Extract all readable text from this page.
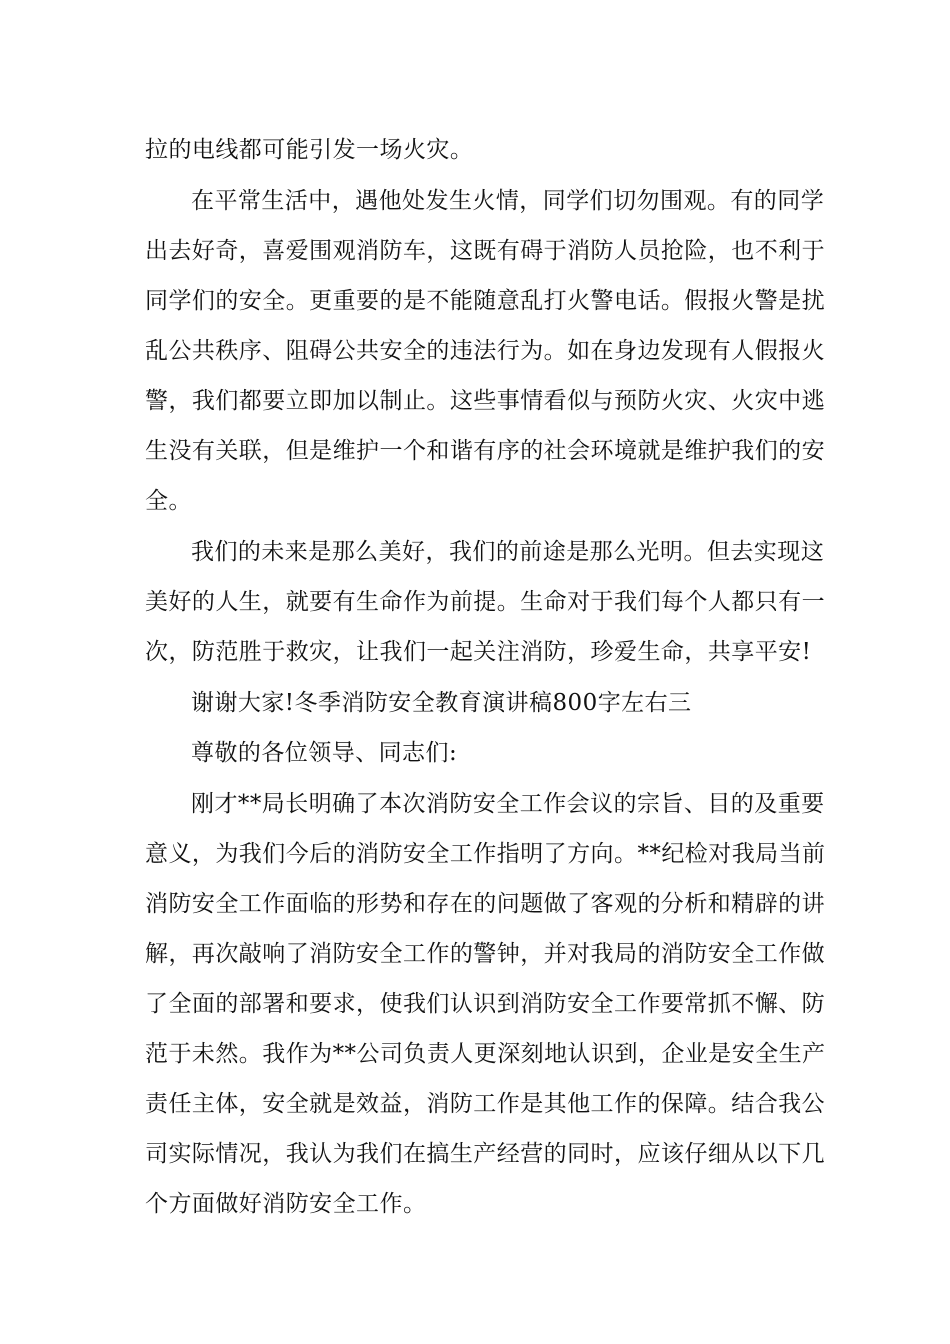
拉的电线都可能引发一场火灾。
在平常生活中，遇他处发生火情，同学们切勿围观。有的同学
出去好奇，喜爱围观消防车，这既有碍于消防人员抢险，也不利于
同学们的安全。更重要的是不能随意乱打火警电话。假报火警是扰
乱公共秩序、阻碍公共安全的违法行为。如在身边发现有人假报火
警，我们都要立即加以制止。这些事情看似与预防火灾、火灾中逃
生没有关联，但是维护一个和谐有序的社会环境就是维护我们的安
全。
我们的未来是那么美好，我们的前途是那么光明。但去实现这
美好的人生，就要有生命作为前提。生命对于我们每个人都只有一
次，防范胜于救灾，让我们一起关注消防，珍爱生命，共享平安!
谢谢大家!冬季消防安全教育演讲稿800字左右三
尊敬的各位领导、同志们:
刚才**局长明确了本次消防安全工作会议的宗旨、目的及重要
意义，为我们今后的消防安全工作指明了方向。**纪检对我局当前
消防安全工作面临的形势和存在的问题做了客观的分析和精辟的讲
解，再次敲响了消防安全工作的警钟，并对我局的消防安全工作做
了全面的部署和要求，使我们认识到消防安全工作要常抓不懈、防
范于未然。我作为**公司负责人更深刻地认识到，企业是安全生产
责任主体，安全就是效益，消防工作是其他工作的保障。结合我公
司实际情况，我认为我们在搞生产经营的同时，应该仔细从以下几
个方面做好消防安全工作。
